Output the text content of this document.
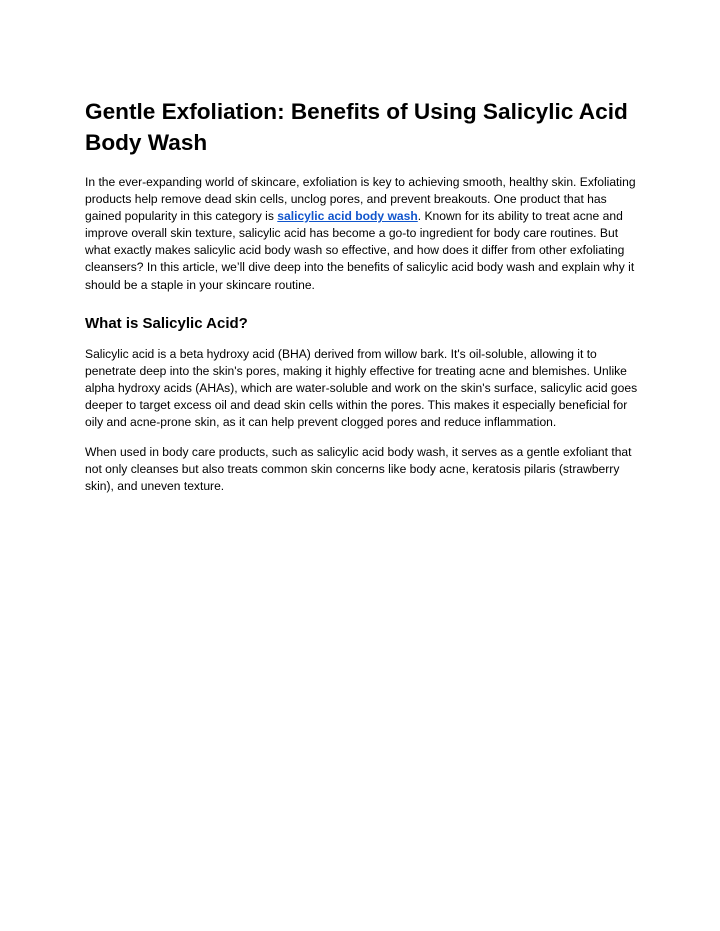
Gentle Exfoliation: Benefits of Using Salicylic Acid Body Wash

In the ever-expanding world of skincare, exfoliation is key to achieving smooth, healthy skin. Exfoliating products help remove dead skin cells, unclog pores, and prevent breakouts. One product that has gained popularity in this category is salicylic acid body wash. Known for its ability to treat acne and improve overall skin texture, salicylic acid has become a go-to ingredient for body care routines. But what exactly makes salicylic acid body wash so effective, and how does it differ from other exfoliating cleansers? In this article, we’ll dive deep into the benefits of salicylic acid body wash and explain why it should be a staple in your skincare routine.

What is Salicylic Acid?

Salicylic acid is a beta hydroxy acid (BHA) derived from willow bark. It's oil-soluble, allowing it to penetrate deep into the skin's pores, making it highly effective for treating acne and blemishes. Unlike alpha hydroxy acids (AHAs), which are water-soluble and work on the skin's surface, salicylic acid goes deeper to target excess oil and dead skin cells within the pores. This makes it especially beneficial for oily and acne-prone skin, as it can help prevent clogged pores and reduce inflammation.

When used in body care products, such as salicylic acid body wash, it serves as a gentle exfoliant that not only cleanses but also treats common skin concerns like body acne, keratosis pilaris (strawberry skin), and uneven texture.
